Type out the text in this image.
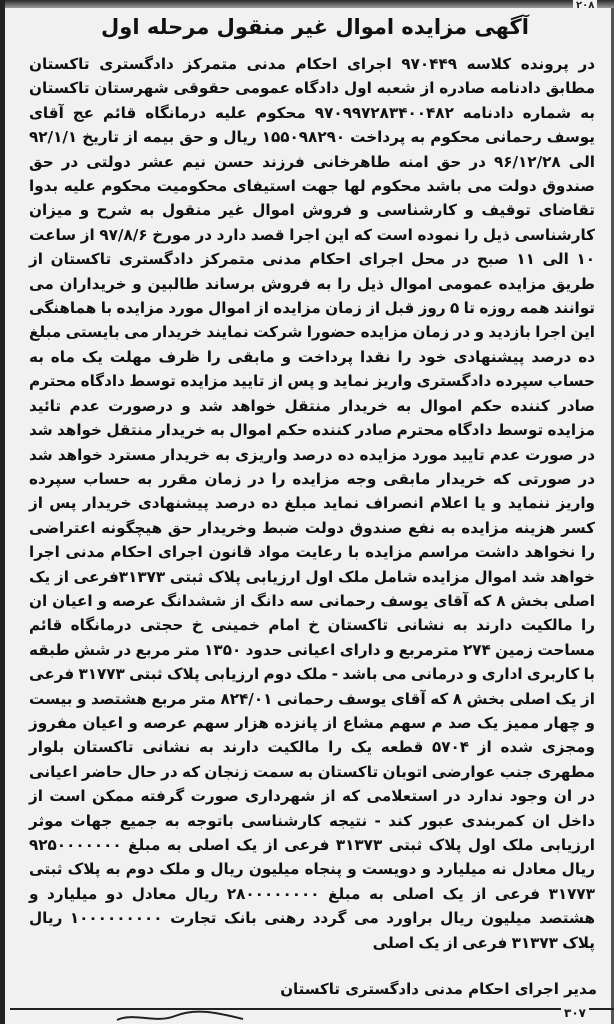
۲۰۸
آگهی مزایده اموال غیر منقول مرحله اول
در پرونده کلاسه ۹۷۰۴۴۹ اجرای احکام مدنی متمرکز دادگستری تاکستان مطابق دادنامه صادره از شعبه اول دادگاه عمومی حقوقی شهرستان تاکستان به شماره دادنامه ۹۷۰۹۹۷۲۸۳۴۰۰۴۸۲ محکوم علیه درمانگاه قائم عج آقای یوسف رحمانی محکوم به پرداخت ۱۵۵۰۹۸۲۹۰ ریال و حق بیمه از تاریخ ۹۲/۱/۱ الی ۹۶/۱۲/۲۸ در حق امنه طاهرخانی فرزند حسن نیم عشر دولتی در حق صندوق دولت می باشد محکوم لها جهت استیفای محکومیت محکوم علیه بدوا تقاضای توقیف و کارشناسی و فروش اموال غیر منقول به شرح و میزان کارشناسی ذیل را نموده است که این اجرا قصد دارد در مورخ ۹۷/۸/۶ از ساعت ۱۰ الی ۱۱ صبح در محل اجرای احکام مدنی متمرکز دادگستری تاکستان از طریق مزایده عمومی اموال ذیل را به فروش برساند طالبین و خریداران می توانند همه روزه تا ۵ روز قبل از زمان مزایده از اموال مورد مزایده با هماهنگی این اجرا بازدید و در زمان مزایده حضورا شرکت نمایند خریدار می بایستی مبلغ ده درصد پیشنهادی خود را نقدا پرداخت و مابقی را ظرف مهلت یک ماه به حساب سپرده دادگستری واریز نماید و پس از تایید مزایده توسط دادگاه محترم صادر کننده حکم اموال به خریدار منتقل خواهد شد و درصورت عدم تائید مزایده توسط دادگاه محترم صادر کننده حکم اموال به خریدار منتقل خواهد شد در صورت عدم تایید مورد مزایده ده درصد واریزی به خریدار مسترد خواهد شد در صورتی که خریدار مابقی وجه مزایده را در زمان مقرر به حساب سپرده واریز ننماید و یا اعلام انصراف نماید مبلغ ده درصد پیشنهادی خریدار پس از کسر هزینه مزایده به نفع صندوق دولت ضبط وخریدار حق هیچگونه اعتراضی را نخواهد داشت مراسم مزایده با رعایت مواد قانون اجرای احکام مدنی اجرا خواهد شد اموال مزایده شامل ملک اول ارزیابی پلاک ثبتی ۳۱۳۷۳فرعی از یک اصلی بخش ۸ که آقای یوسف رحمانی سه دانگ از ششدانگ عرصه و اعیان ان را مالکیت دارند به نشانی تاکستان خ امام خمینی خ حجتی درمانگاه قائم مساحت زمین ۲۷۴ مترمربع و دارای اعیانی حدود ۱۳۵۰ متر مربع در شش طبقه با کاربری اداری و درمانی می باشد - ملک دوم ارزیابی پلاک ثبتی ۳۱۷۷۳ فرعی از یک اصلی بخش ۸ که آقای یوسف رحمانی ۸۲۴/۰۱ متر مربع هشتصد و بیست و چهار ممیز یک صد م سهم مشاع از پانزده هزار سهم عرصه و اعیان مفروز ومجزی شده از ۵۷۰۴ قطعه یک را مالکیت دارند به نشانی تاکستان بلوار مطهری جنب عوارضی اتوبان تاکستان به سمت زنجان که در حال حاضر اعیانی در ان وجود ندارد در استعلامی که از شهرداری صورت گرفته ممکن است از داخل ان کمربندی عبور کند - نتیجه کارشناسی باتوجه به جمیع جهات موثر ارزیابی ملک اول پلاک ثبتی ۳۱۳۷۳ فرعی از یک اصلی به مبلغ ۹۲۵۰۰۰۰۰۰۰ ریال معادل نه میلیارد و دویست و پنجاه میلیون ریال و ملک دوم به پلاک ثبتی ۳۱۷۷۳ فرعی از یک اصلی به مبلغ ۲۸۰۰۰۰۰۰۰۰ ریال معادل دو میلیارد و هشتصد میلیون ریال براورد می گردد رهنی بانک تجارت ۱۰۰۰۰۰۰۰۰۰ ریال پلاک ۳۱۳۷۳ فرعی از یک اصلی
مدیر اجرای احکام مدنی دادگستری تاکستان
۳۰۷
